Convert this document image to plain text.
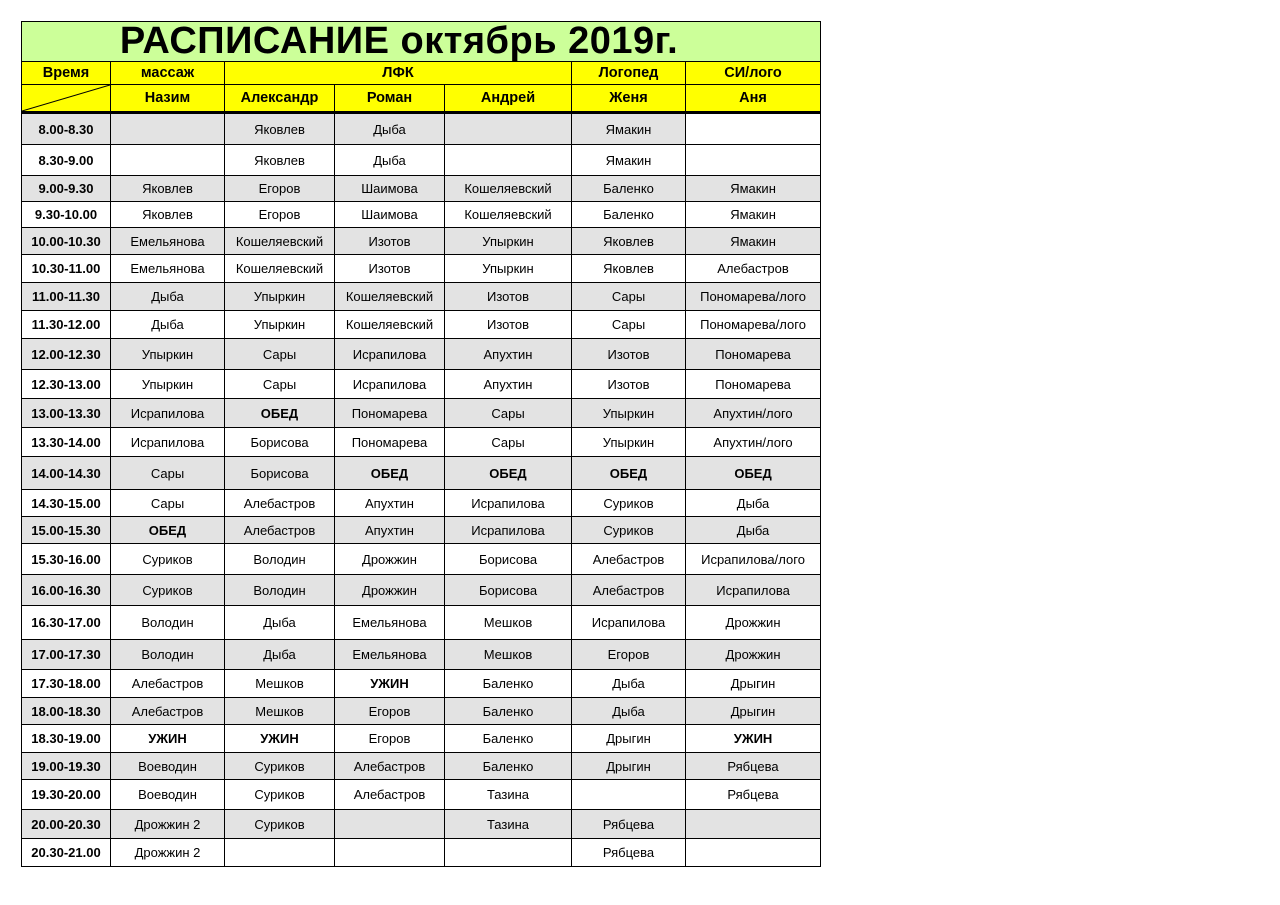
РАСПИСАНИЕ октябрь 2019г.						
Время	массаж	ЛФК			Логопед	СИ/лого

	Назим	Александр	Роман	Андрей	Женя	Аня
8.00-8.30		Яковлев	Дыба		Ямакин	
8.30-9.00		Яковлев	Дыба		Ямакин	
9.00-9.30	Яковлев	Егоров	Шаимова	Кошеляевский	Баленко	Ямакин
9.30-10.00	Яковлев	Егоров	Шаимова	Кошеляевский	Баленко	Ямакин
10.00-10.30	Емельянова	Кошеляевский	Изотов	Упыркин	Яковлев	Ямакин
10.30-11.00	Емельянова	Кошеляевский	Изотов	Упыркин	Яковлев	Алебастров
11.00-11.30	Дыба	Упыркин	Кошеляевский	Изотов	Сары	Пономарева/лого
11.30-12.00	Дыба	Упыркин	Кошеляевский	Изотов	Сары	Пономарева/лого
12.00-12.30	Упыркин	Сары	Исрапилова	Апухтин	Изотов	Пономарева
12.30-13.00	Упыркин	Сары	Исрапилова	Апухтин	Изотов	Пономарева
13.00-13.30	Исрапилова	ОБЕД	Пономарева	Сары	Упыркин	Апухтин/лого
13.30-14.00	Исрапилова	Борисова	Пономарева	Сары	Упыркин	Апухтин/лого
14.00-14.30	Сары	Борисова	ОБЕД	ОБЕД	ОБЕД	ОБЕД
14.30-15.00	Сары	Алебастров	Апухтин	Исрапилова	Суриков	Дыба
15.00-15.30	ОБЕД	Алебастров	Апухтин	Исрапилова	Суриков	Дыба
15.30-16.00	Суриков	Володин	Дрожжин	Борисова	Алебастров	Исрапилова/лого
16.00-16.30	Суриков	Володин	Дрожжин	Борисова	Алебастров	Исрапилова
16.30-17.00	Володин	Дыба	Емельянова	Мешков	Исрапилова	Дрожжин
17.00-17.30	Володин	Дыба	Емельянова	Мешков	Егоров	Дрожжин
17.30-18.00	Алебастров	Мешков	УЖИН	Баленко	Дыба	Дрыгин
18.00-18.30	Алебастров	Мешков	Егоров	Баленко	Дыба	Дрыгин
18.30-19.00	УЖИН	УЖИН	Егоров	Баленко	Дрыгин	УЖИН
19.00-19.30	Воеводин	Суриков	Алебастров	Баленко	Дрыгин	Рябцева
19.30-20.00	Воеводин	Суриков	Алебастров	Тазина		Рябцева
20.00-20.30	Дрожжин 2	Суриков		Тазина	Рябцева	
20.30-21.00	Дрожжин 2				Рябцева	
